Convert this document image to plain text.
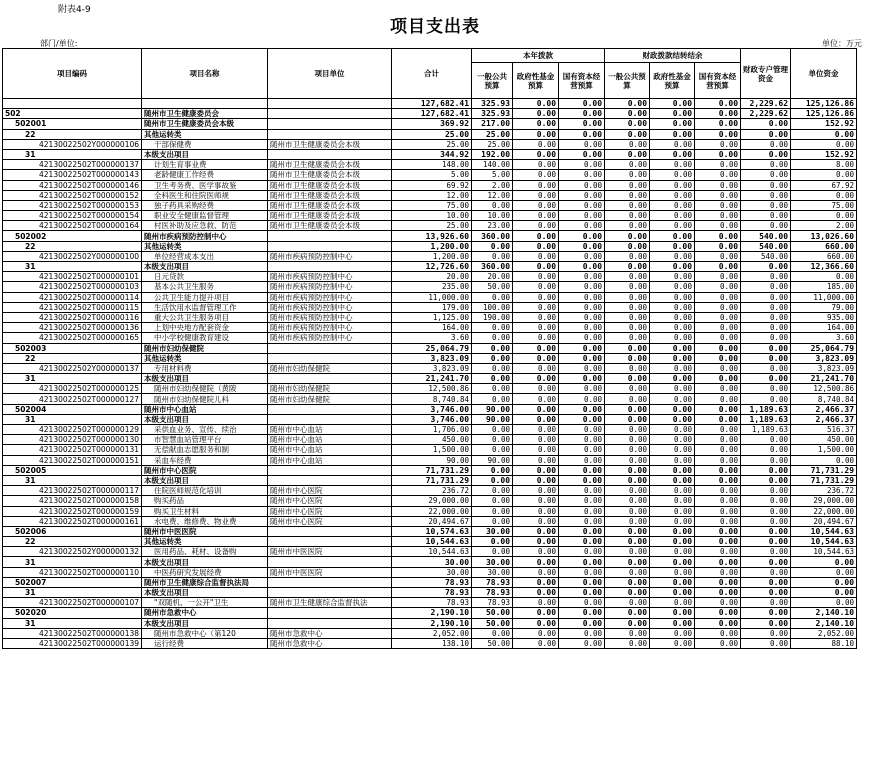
附表4-9
项目支出表
部门/单位:	单位：万元
项目编码	项目名称	项目单位	合计	本年拨款			财政拨款结转结余			财政专户管理资金	单位资金
				一般公共预算	政府性基金预算	国有资本经营预算	一般公共预算	政府性基金预算	国有资本经营预算		

			127,682.41	325.93	0.00	0.00	0.00	0.00	0.00	2,229.62	125,126.86
502	随州市卫生健康委员会		127,682.41	325.93	0.00	0.00	0.00	0.00	0.00	2,229.62	125,126.86
502001	随州市卫生健康委员会本级		369.92	217.00	0.00	0.00	0.00	0.00	0.00	0.00	152.92
22	其他运转类		25.00	25.00	0.00	0.00	0.00	0.00	0.00	0.00	0.00
42130022502Y000000106	干部保健费	随州市卫生健康委员会本级	25.00	25.00	0.00	0.00	0.00	0.00	0.00	0.00	0.00
31	本级支出项目		344.92	192.00	0.00	0.00	0.00	0.00	0.00	0.00	152.92
42130022502T000000137	计划生育事业费	随州市卫生健康委员会本级	148.00	140.00	0.00	0.00	0.00	0.00	0.00	0.00	8.00
42130022502T000000143	老龄健康工作经费	随州市卫生健康委员会本级	5.00	5.00	0.00	0.00	0.00	0.00	0.00	0.00	0.00
42130022502T000000146	卫生考务费、医学事故鉴	随州市卫生健康委员会本级	69.92	2.00	0.00	0.00	0.00	0.00	0.00	0.00	67.92
42130022502T000000152	全科医生和住院医师规	随州市卫生健康委员会本级	12.00	12.00	0.00	0.00	0.00	0.00	0.00	0.00	0.00
42130022502T000000153	独子药具采购经费	随州市卫生健康委员会本级	75.00	0.00	0.00	0.00	0.00	0.00	0.00	0.00	75.00
42130022502T000000154	职业安全健康监督管理	随州市卫生健康委员会本级	10.00	10.00	0.00	0.00	0.00	0.00	0.00	0.00	0.00
42130022502T000000164	村医补助及应急救、防范	随州市卫生健康委员会本级	25.00	23.00	0.00	0.00	0.00	0.00	0.00	0.00	2.00
502002	随州市疾病预防控制中心		13,926.60	360.00	0.00	0.00	0.00	0.00	0.00	540.00	13,026.60
22	其他运转类		1,200.00	0.00	0.00	0.00	0.00	0.00	0.00	540.00	660.00
42130022502Y000000100	单位经营成本支出	随州市疾病预防控制中心	1,200.00	0.00	0.00	0.00	0.00	0.00	0.00	540.00	660.00
31	本级支出项目		12,726.60	360.00	0.00	0.00	0.00	0.00	0.00	0.00	12,366.60
42130022502T000000101	日元贷款	随州市疾病预防控制中心	20.00	20.00	0.00	0.00	0.00	0.00	0.00	0.00	0.00
42130022502T000000103	基本公共卫生服务	随州市疾病预防控制中心	235.00	50.00	0.00	0.00	0.00	0.00	0.00	0.00	185.00
42130022502T000000114	公共卫生能力提升项目	随州市疾病预防控制中心	11,000.00	0.00	0.00	0.00	0.00	0.00	0.00	0.00	11,000.00
42130022502T000000115	生活饮用水监督管理工作	随州市疾病预防控制中心	179.00	100.00	0.00	0.00	0.00	0.00	0.00	0.00	79.00
42130022502T000000116	重大公共卫生服务项目	随州市疾病预防控制中心	1,125.00	190.00	0.00	0.00	0.00	0.00	0.00	0.00	935.00
42130022502T000000136	上划中央地方配套资金	随州市疾病预防控制中心	164.00	0.00	0.00	0.00	0.00	0.00	0.00	0.00	164.00
42130022502T000000165	中小学校健康教育建设	随州市疾病预防控制中心	3.60	0.00	0.00	0.00	0.00	0.00	0.00	0.00	3.60
502003	随州市妇幼保健院		25,064.79	0.00	0.00	0.00	0.00	0.00	0.00	0.00	25,064.79
22	其他运转类		3,823.09	0.00	0.00	0.00	0.00	0.00	0.00	0.00	3,823.09
42130022502Y000000137	专用材料费	随州市妇幼保健院	3,823.09	0.00	0.00	0.00	0.00	0.00	0.00	0.00	3,823.09
31	本级支出项目		21,241.70	0.00	0.00	0.00	0.00	0.00	0.00	0.00	21,241.70
42130022502T000000125	随州市妇幼保健院（黄陂	随州市妇幼保健院	12,500.86	0.00	0.00	0.00	0.00	0.00	0.00	0.00	12,500.86
42130022502T000000127	随州市妇幼保健院儿科	随州市妇幼保健院	8,740.84	0.00	0.00	0.00	0.00	0.00	0.00	0.00	8,740.84
502004	随州市中心血站		3,746.00	90.00	0.00	0.00	0.00	0.00	0.00	1,189.63	2,466.37
31	本级支出项目		3,746.00	90.00	0.00	0.00	0.00	0.00	0.00	1,189.63	2,466.37
42130022502T000000129	采供血业务、宣传、续治	随州市中心血站	1,706.00	0.00	0.00	0.00	0.00	0.00	0.00	1,189.63	516.37
42130022502T000000130	市智慧血站管理平台	随州市中心血站	450.00	0.00	0.00	0.00	0.00	0.00	0.00	0.00	450.00
42130022502T000000131	无偿献血志愿服务和制	随州市中心血站	1,500.00	0.00	0.00	0.00	0.00	0.00	0.00	0.00	1,500.00
42130022502T000000151	采血车经费	随州市中心血站	90.00	90.00	0.00	0.00	0.00	0.00	0.00	0.00	0.00
502005	随州市中心医院		71,731.29	0.00	0.00	0.00	0.00	0.00	0.00	0.00	71,731.29
31	本级支出项目		71,731.29	0.00	0.00	0.00	0.00	0.00	0.00	0.00	71,731.29
42130022502T000000117	住院医师规范化培训	随州市中心医院	236.72	0.00	0.00	0.00	0.00	0.00	0.00	0.00	236.72
42130022502T000000158	购买药品	随州市中心医院	29,000.00	0.00	0.00	0.00	0.00	0.00	0.00	0.00	29,000.00
42130022502T000000159	购买卫生材料	随州市中心医院	22,000.00	0.00	0.00	0.00	0.00	0.00	0.00	0.00	22,000.00
42130022502T000000161	水电费、维修费、物业费	随州市中心医院	20,494.67	0.00	0.00	0.00	0.00	0.00	0.00	0.00	20,494.67
502006	随州市中医医院		10,574.63	30.00	0.00	0.00	0.00	0.00	0.00	0.00	10,544.63
22	其他运转类		10,544.63	0.00	0.00	0.00	0.00	0.00	0.00	0.00	10,544.63
42130022502Y000000132	医用药品、耗材、设备购	随州市中医医院	10,544.63	0.00	0.00	0.00	0.00	0.00	0.00	0.00	10,544.63
31	本级支出项目		30.00	30.00	0.00	0.00	0.00	0.00	0.00	0.00	0.00
42130022502T000000110	中医药研究发展经费	随州市中医医院	30.00	30.00	0.00	0.00	0.00	0.00	0.00	0.00	0.00
502007	随州市卫生健康综合监督执法局		78.93	78.93	0.00	0.00	0.00	0.00	0.00	0.00	0.00
31	本级支出项目		78.93	78.93	0.00	0.00	0.00	0.00	0.00	0.00	0.00
42130022502T000000107	"双随机、一公开"卫生	随州市卫生健康综合监督执法	78.93	78.93	0.00	0.00	0.00	0.00	0.00	0.00	0.00
502020	随州市急救中心		2,190.10	50.00	0.00	0.00	0.00	0.00	0.00	0.00	2,140.10
31	本级支出项目		2,190.10	50.00	0.00	0.00	0.00	0.00	0.00	0.00	2,140.10
42130022502T000000138	随州市急救中心（第120	随州市急救中心	2,052.00	0.00	0.00	0.00	0.00	0.00	0.00	0.00	2,052.00
42130022502T000000139	运行经费	随州市急救中心	138.10	50.00	0.00	0.00	0.00	0.00	0.00	0.00	88.10
